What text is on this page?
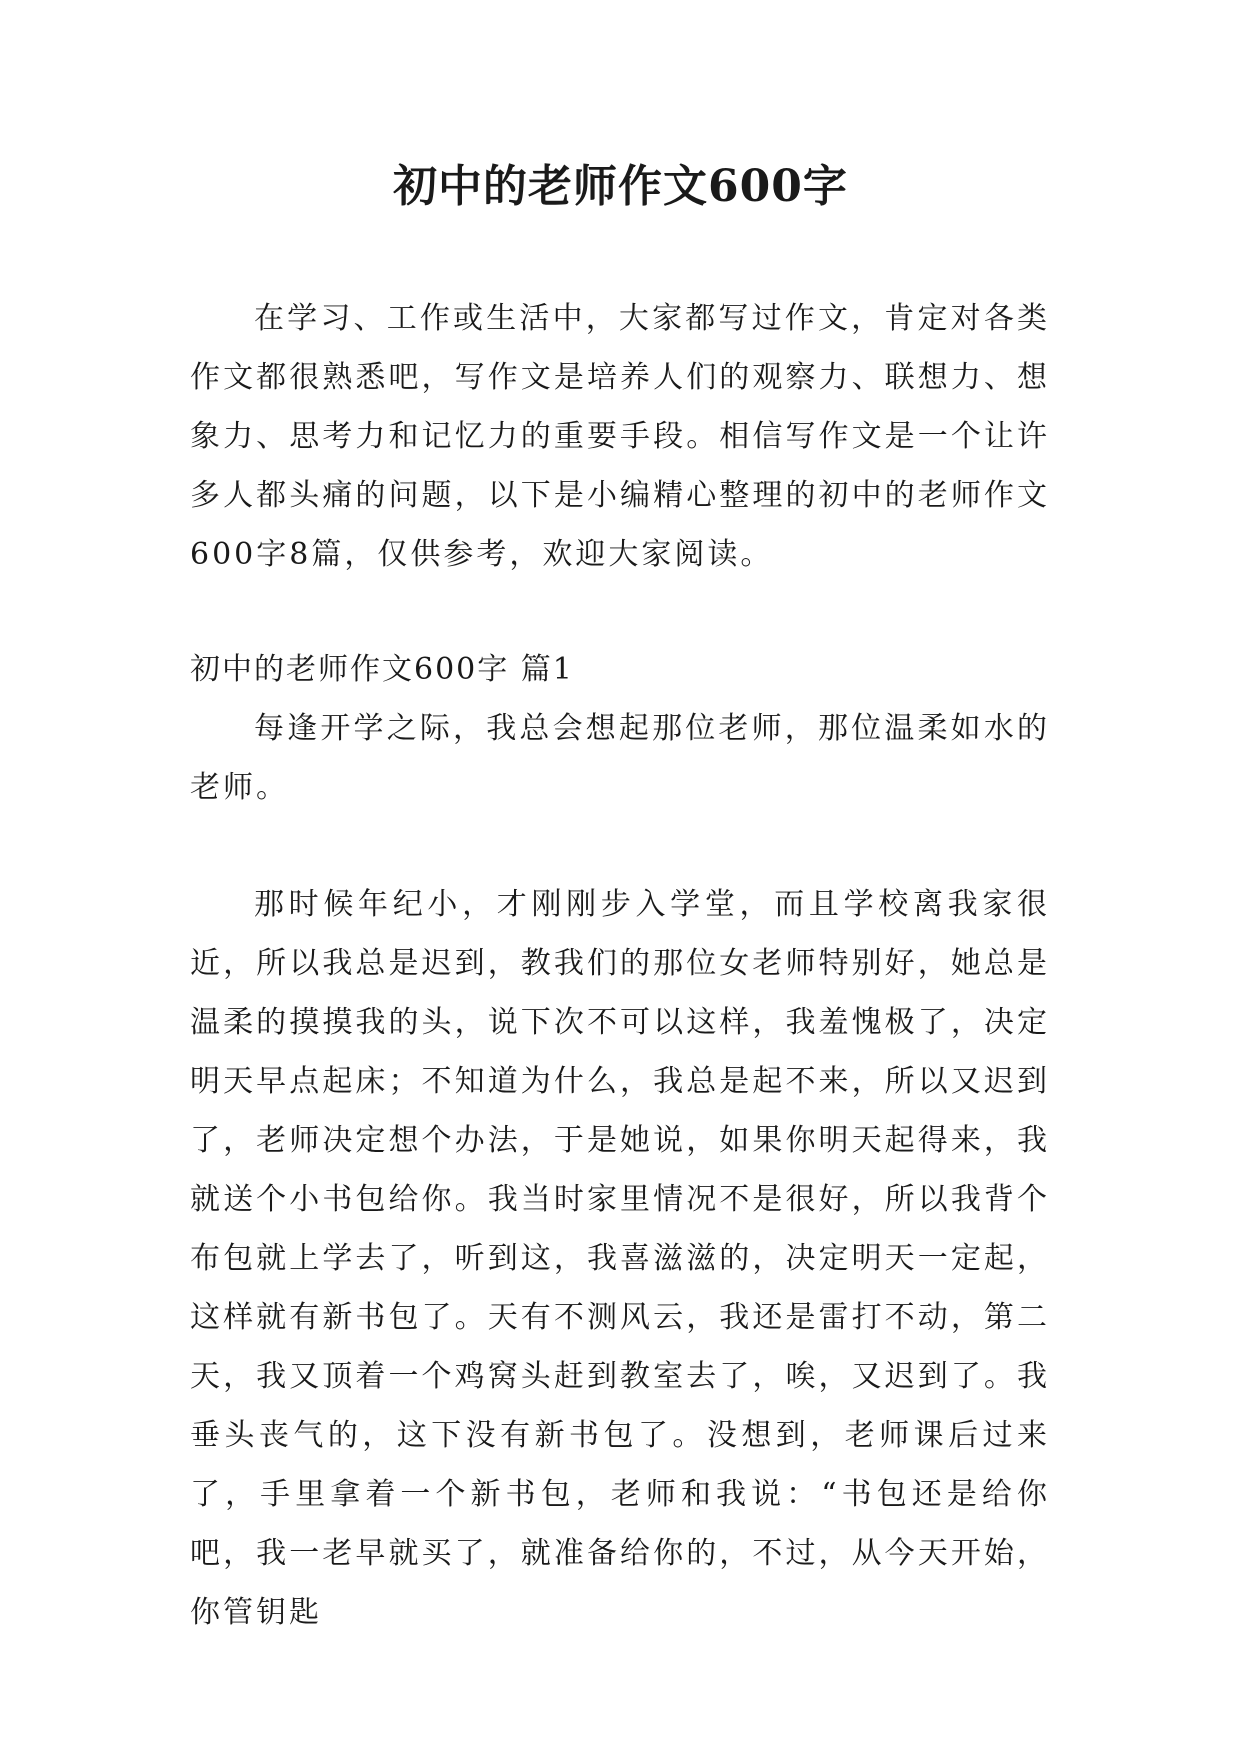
初中的老师作文600字

在学习、工作或生活中，大家都写过作文，肯定对各类作文都很熟悉吧，写作文是培养人们的观察力、联想力、想象力、思考力和记忆力的重要手段。相信写作文是一个让许多人都头痛的问题，以下是小编精心整理的初中的老师作文600字8篇，仅供参考，欢迎大家阅读。

初中的老师作文600字 篇1

每逢开学之际，我总会想起那位老师，那位温柔如水的老师。

那时候年纪小，才刚刚步入学堂，而且学校离我家很近，所以我总是迟到，教我们的那位女老师特别好，她总是温柔的摸摸我的头，说下次不可以这样，我羞愧极了，决定明天早点起床；不知道为什么，我总是起不来，所以又迟到了，老师决定想个办法，于是她说，如果你明天起得来，我就送个小书包给你。我当时家里情况不是很好，所以我背个布包就上学去了，听到这，我喜滋滋的，决定明天一定起，这样就有新书包了。天有不测风云，我还是雷打不动，第二天，我又顶着一个鸡窝头赶到教室去了，唉，又迟到了。我垂头丧气的，这下没有新书包了。没想到，老师课后过来了，手里拿着一个新书包，老师和我说：“书包还是给你吧，我一老早就买了，就准备给你的，不过，从今天开始，你管钥匙
